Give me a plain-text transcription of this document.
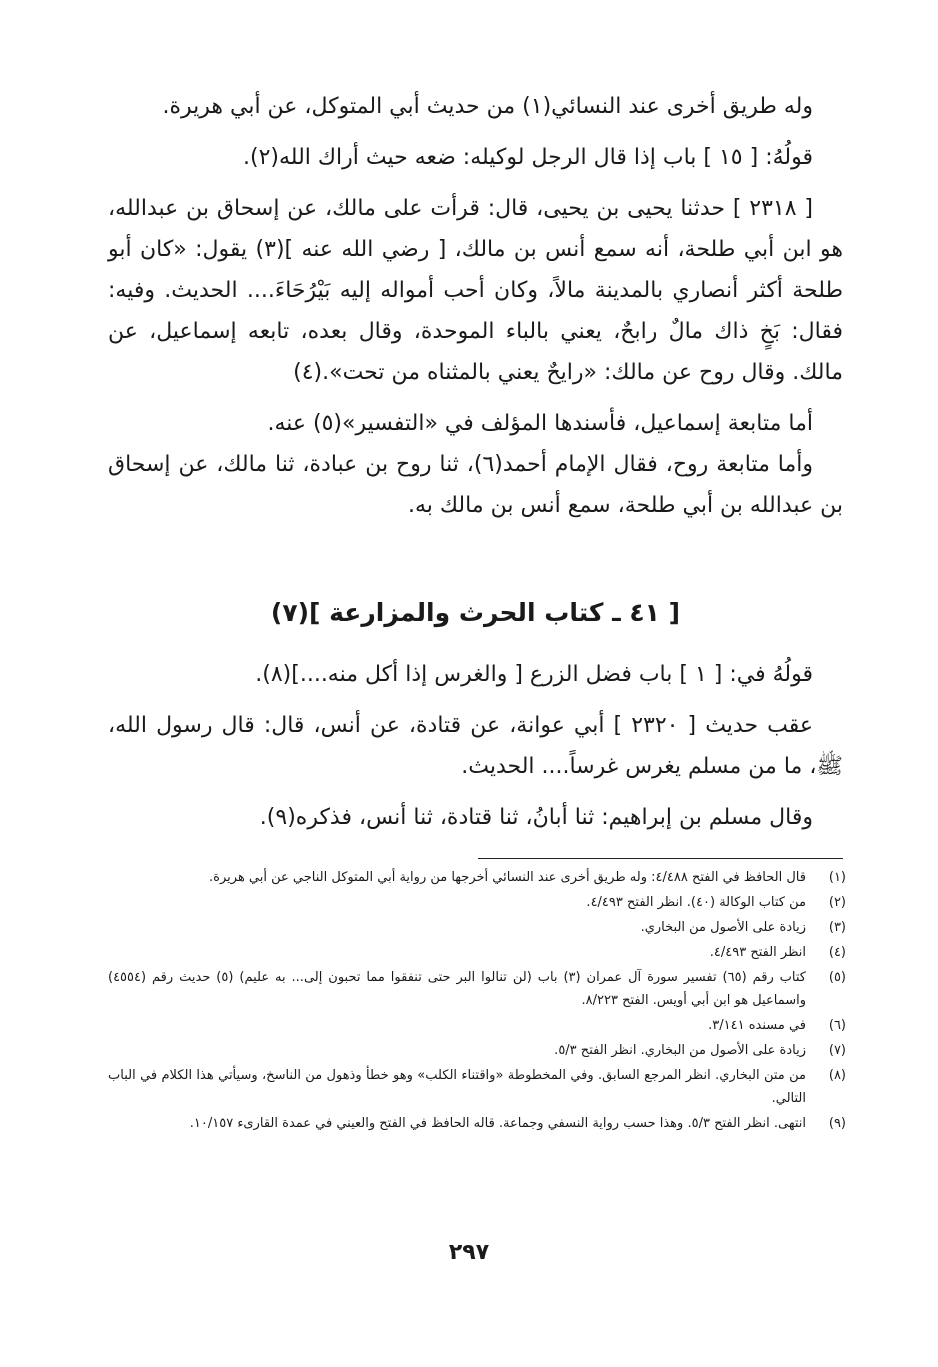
وله طريق أخرى عند النسائي(١) من حديث أبي المتوكل، عن أبي هريرة.

قولُهُ: [ ١٥ ] باب إذا قال الرجل لوكيله: ضعه حيث أراك الله(٢).

[ ٢٣١٨ ] حدثنا يحيى بن يحيى، قال: قرأت على مالك، عن إسحاق بن عبدالله، هو ابن أبي طلحة، أنه سمع أنس بن مالك، [ رضي الله عنه ](٣) يقول: «كان أبو طلحة أكثر أنصاري بالمدينة مالاً، وكان أحب أمواله إليه بَيْرُحَاءَ.... الحديث. وفيه: فقال: بَخٍ ذاك مالٌ رابحٌ، يعني بالباء الموحدة، وقال بعده، تابعه إسماعيل، عن مالك. وقال روح عن مالك: «رايحٌ يعني بالمثناه من تحت».(٤)

أما متابعة إسماعيل، فأسندها المؤلف في «التفسير»(٥) عنه.

وأما متابعة روح، فقال الإمام أحمد(٦)، ثنا روح بن عبادة، ثنا مالك، عن إسحاق بن عبدالله بن أبي طلحة، سمع أنس بن مالك به.

[ ٤١ ـ كتاب الحرث والمزارعة ](٧)

قولُهُ في: [ ١ ] باب فضل الزرع [ والغرس إذا أكل منه....](٨).

عقب حديث [ ٢٣٢٠ ] أبي عوانة، عن قتادة، عن أنس، قال: قال رسول الله، ﷺ، ما من مسلم يغرس غرساً.... الحديث.

وقال مسلم بن إبراهيم: ثنا أبانُ، ثنا قتادة، ثنا أنس، فذكره(٩).

(١)
قال الحافظ في الفتح ٤/٤٨٨: وله طريق أخرى عند النسائي أخرجها من رواية أبي المتوكل الناجي عن أبي هريرة.
(٢)
من كتاب الوكالة (٤٠). انظر الفتح ٤/٤٩٣.
(٣)
زيادة على الأصول من البخاري.
(٤)
انظر الفتح ٤/٤٩٣.
(٥)
كتاب رقم (٦٥) تفسير سورة آل عمران (٣) باب (لن تنالوا البر حتى تنفقوا مما تحبون إلى... به عليم) (٥) حديث رقم (٤٥٥٤) واسماعيل هو ابن أبي أويس. الفتح ٨/٢٢٣.
(٦)
في مسنده ٣/١٤١.
(٧)
زيادة على الأصول من البخاري. انظر الفتح ٥/٣.
(٨)
من متن البخاري. انظر المرجع السابق. وفي المخطوطة «واقتناء الكلب» وهو خطأ وذهول من الناسخ، وسيأتي هذا الكلام في الباب التالي.
(٩)
انتهى. انظر الفتح ٥/٣. وهذا حسب رواية النسفي وجماعة. قاله الحافظ في الفتح والعيني في عمدة القارىء ١٠/١٥٧.
٢٩٧
